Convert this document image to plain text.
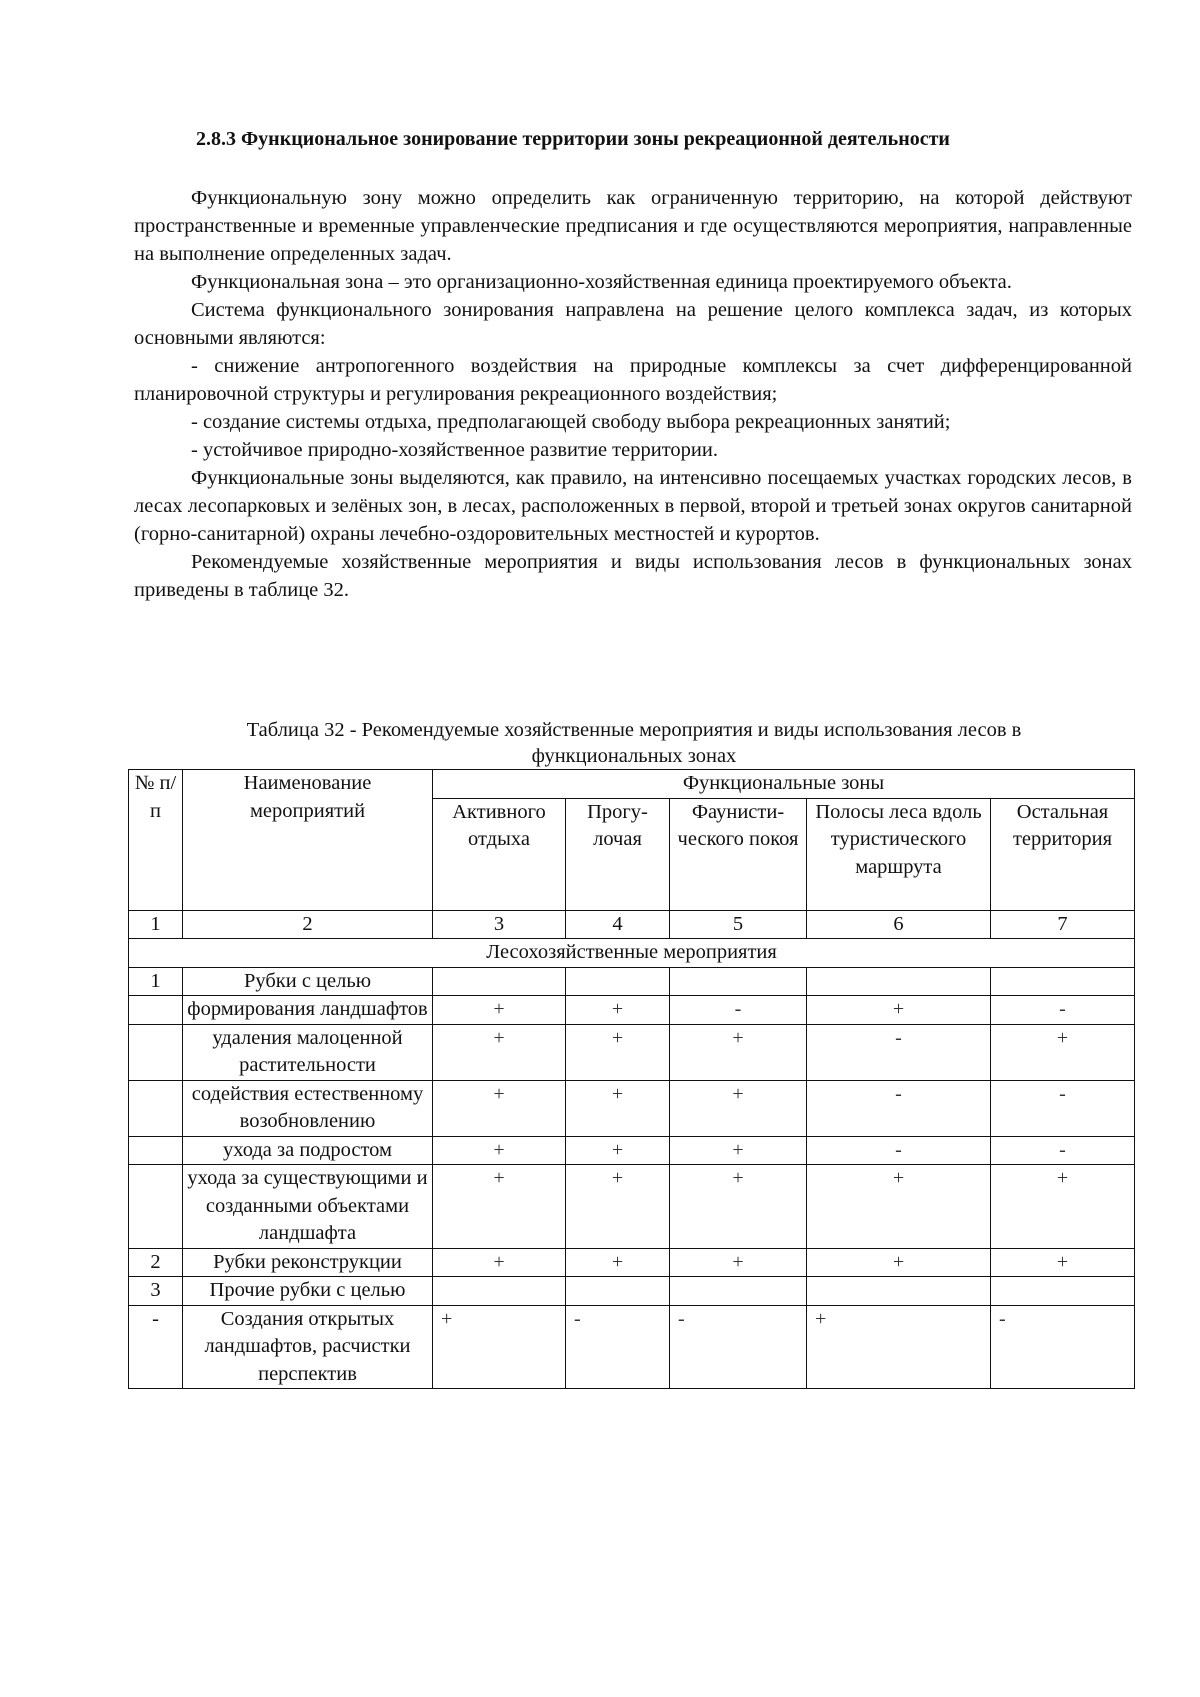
2.8.3 Функциональное зонирование территории зоны рекреационной деятельности

Функциональную зону можно определить как ограниченную территорию, на которой действуют пространственные и временные управленческие предписания и где осуществляются мероприятия, направленные на выполнение определенных задач.

Функциональная зона – это организационно-хозяйственная единица проектируемого объекта.

Система функционального зонирования направлена на решение целого комплекса задач, из которых основными являются:

- снижение антропогенного воздействия на природные комплексы за счет дифференцированной планировочной структуры и регулирования рекреационного воздействия;

- создание системы отдыха, предполагающей свободу выбора рекреационных занятий;

- устойчивое природно-хозяйственное развитие территории.

Функциональные зоны выделяются, как правило, на интенсивно посещаемых участках городских лесов, в лесах лесопарковых и зелёных зон, в лесах, расположенных в первой, второй и третьей зонах округов санитарной (горно-санитарной) охраны лечебно-оздоровительных местностей и курортов.

Рекомендуемые хозяйственные мероприятия и виды использования лесов в функциональных зонах приведены в таблице 32.

Таблица 32 - Рекомендуемые хозяйственные мероприятия и виды использования лесов в
функциональных зонах
№ п/п	Наименование мероприятий	Функциональные зоны				
		Активного отдыха	Прогу-лочая	Фаунисти-ческого покоя	Полосы леса вдоль туристического маршрута	Остальная территория
1	2	3	4	5	6	7
Лесохозяйственные мероприятия						
1	Рубки с целью					
	формирования ландшафтов	+	+	-	+	-
	удаления малоценной растительности	+	+	+	-	+
	содействия естественному возобновлению	+	+	+	-	-
	ухода за подростом	+	+	+	-	-
	ухода за существующими и созданными объектами ландшафта	+	+	+	+	+
2	Рубки реконструкции	+	+	+	+	+
3	Прочие рубки с целью					
-	Создания открытых ландшафтов, расчистки перспектив	+	-	-	+	-
